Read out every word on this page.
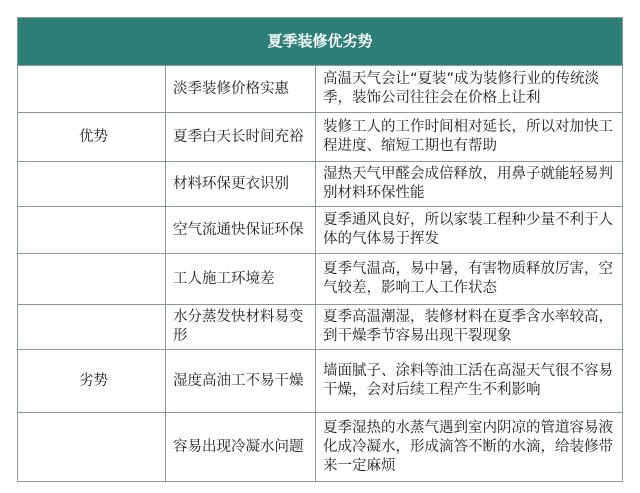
夏季装修优劣势		
	淡季装修价格实惠	高温天气会让“夏装”成为装修行业的传统淡季，装饰公司往往会在价格上让利
优势	夏季白天长时间充裕	装修工人的工作时间相对延长，所以对加快工程进度、缩短工期也有帮助
	材料环保更衣识别	湿热天气甲醛会成倍释放，用鼻子就能轻易判别材料环保性能
	空气流通快保证环保	夏季通风良好，所以家装工程种少量不利于人体的气体易于挥发
	工人施工环境差	夏季气温高，易中暑，有害物质释放厉害，空气较差，影响工人工作状态
	水分蒸发快材料易变形	夏季高温潮湿，装修材料在夏季含水率较高，到干燥季节容易出现干裂现象
劣势	湿度高油工不易干燥	墙面腻子、涂料等油工活在高湿天气很不容易干燥，会对后续工程产生不利影响
	容易出现冷凝水问题	夏季湿热的水蒸气遇到室内阴凉的管道容易液化成冷凝水，形成滴答不断的水滴，给装修带来一定麻烦
